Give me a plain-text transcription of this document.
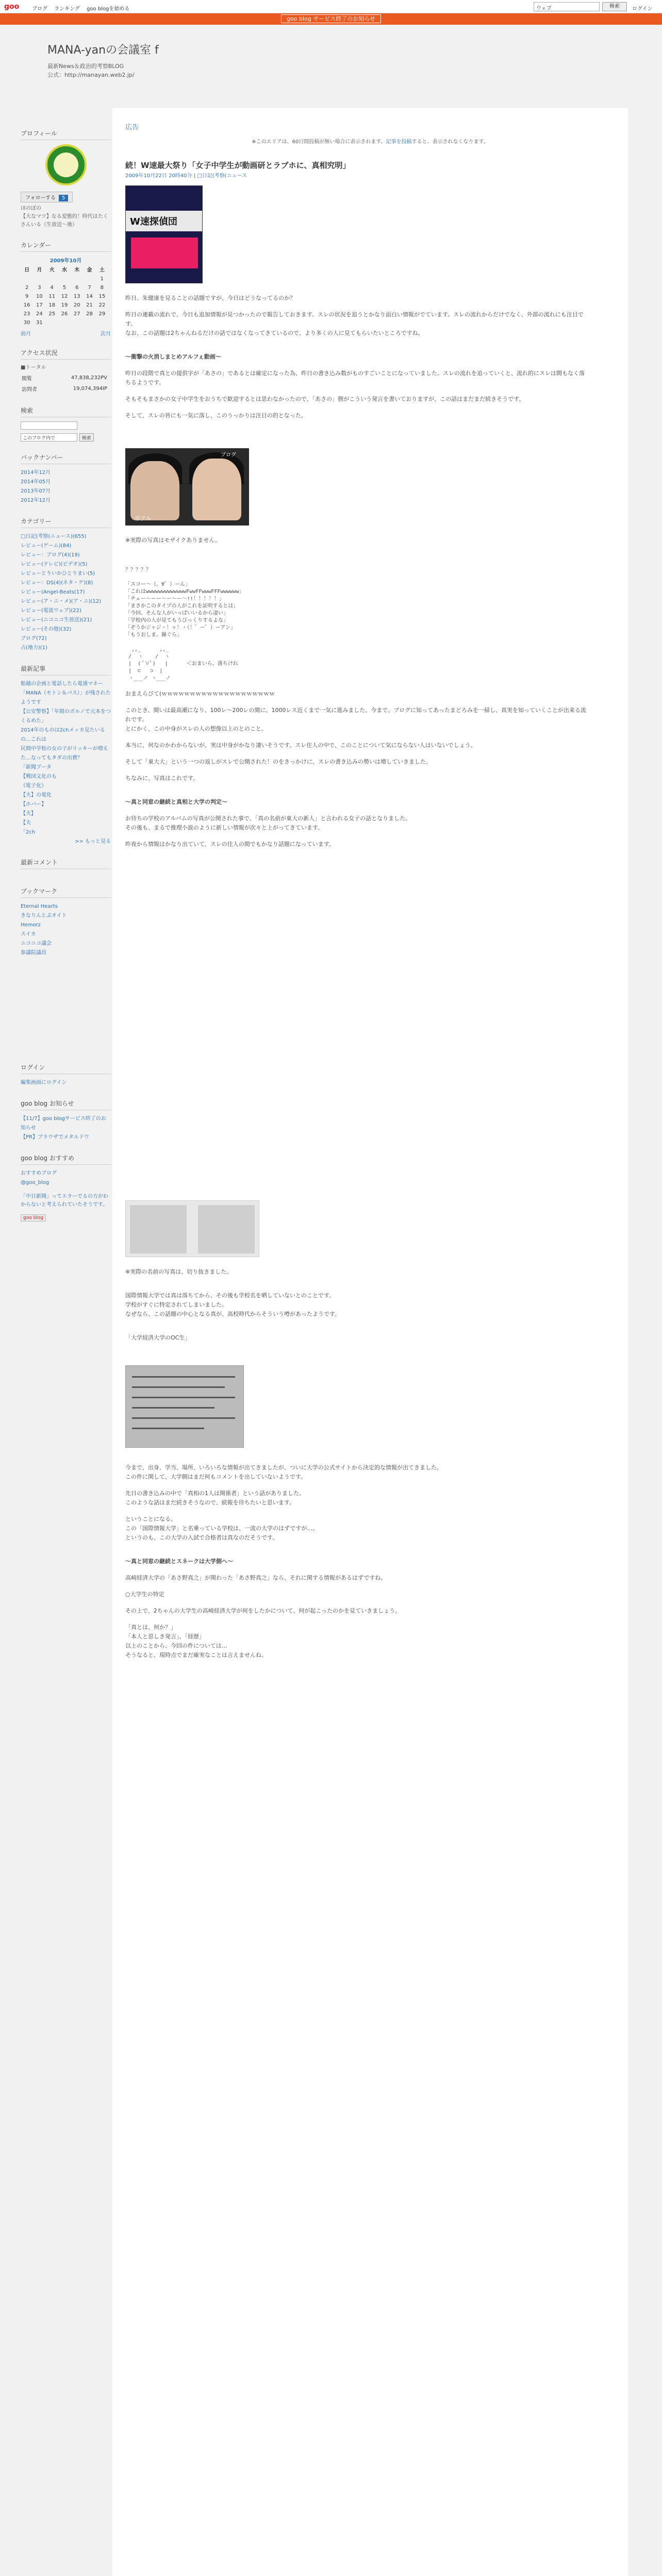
goo ブログ ランキング goo blogを始める	ウェブ	検索	ログイン
goo blog サービス終了のお知らせ
MANA-yanの会議室 f
最新News＆政治的考察BLOG
公式：http://manayan.web2.jp/
広告
※このエリアは、60日間投稿が無い場合に表示されます。記事を投稿すると、表示されなくなります。
続！W速最大祭り「女子中学生が動画研とラブホに、真相究明」
2009年10月22日 20時40分 | □日記(考察(ニュース
W速探偵団

昨日、朱健康を見ることの話題ですが、今日はどうなってるのか？

昨日の連載の流れで、今日も追加情報が見つかったので報告しておきます。スレの状況を追うとかなり面白い情報がでています。スレの流れからだけでなく、外部の流れにも注目です。

なお、この話題は2ちゃんねるだけの話ではなくなってきているので、より多くの人に見てもらいたいところですね。

〜衝撃の火消しまとめアルフぇ動画〜

昨日の段階で真との提供字が「あさの」であるとは確定になった為、昨日の書き込み数がものすごいことになっていました。スレの流れを追っていくと、流れ的にスレは間もなく落ちるようです。

そもそもまさかの女子中学生をおうちで歓迎するとは思わなかったので、「あさの」側がこういう発言を書いておりますが、この話はまだまだ続きそうです。

そして、スレの皆にも一気に落し、このうっかりは注目の的となった。

ブログ
卒アル

※実際の写真はモザイクありません。

？？？？？

「スコー～（。∀゜）ーん」
「これはwwwwwwwwwwwwwFwwFFwwwFFFwwwwww」
「チェー～ーー～ー～ー～!!！！！！！」
「まさかこのタイプの人がこれを証明するとは」
「今回、そんな人がいっぱいいるから凄い」
「学校内の人が見てもうびっくりするよな」
「ぞうかジャジ・！ャ！・（！゜ー゜）ーアン」
「もうおしま。鐘ぐら」

,,_      ,,_
/  ヽ    /  ヽ
|  ( ﾟ∀ﾟ)   |	＜おまいら、落ちけれ
|  ⊂   ⊃  |
ヽ___ノ ヽ___ノ

おまえらびて(ｗｗｗｗｗｗｗｗｗｗｗｗｗｗｗｗｗｗｗｗ

このとき、間いは最高潮になり、100レ〜200レの間に、1000レス近くまで一気に進みました。今まで、ブログに知ってあったまどろみを一掃し、真実を知っていくことが出来る流れです。

とにかく、この中身がスレの人の想像以上のとのこと。

本当に、何なのかわからないが、実は中身がかなり凄いそうです。スレ住人の中で、このことについて気にならない人はいないでしょう。

そして「東大大」という一つの返しがスレで公開された！のをきっかけに、スレの書き込みの勢いは増していきました。

ちなみに、写真はこれです。

〜真と同窓の継続と真相と大学の判定〜

お待ちの学校のアルバムの写真が公開された事で、「真の名前が東大の新人」と言われる女子の話となりました。

その後も、まるで推理小説のように新しい情報が次々と上がってきています。

昨夜から情報はかなり出ていて、スレの住人の間でもかなり話題になっています。

※実際の名前の写真は、切り抜きました。

国際情報大学では真は落ちてから、その後も学校名を晒していないとのことです。

学校がすぐに特定されてしまいました。

なぜなら、この話題の中心となる真が、高校時代からそういう噂があったようです。

「大学経済大学のOC生」

今まで、出身、学当、場所、いろいろな情報が出てきましたが、ついに大学の公式サイトから決定的な情報が出てきました。

この件に関して、大学側はまだ何もコメントを出していないようです。

先日の書き込みの中で「真相の1人は関係者」という話がありました。

このような話はまだ続きそうなので、続報を待ちたいと思います。

ということになる。

この「国際情報大学」と名乗っている学校は、一流の大学のはずですが…。

というのも、この大学の入試で合格者は真なのだそうです。

〜真と同窓の継続とスネークは大学側へ〜

高崎経済大学の「あさ野真之」が関わった「あさ野真之」なら、それに関する情報があるはずですね。

○大学生の特定

その上で、2ちゃんの大学生の高崎経済大学が何をしたかについて、何が起こったのかを見ていきましょう。

「真とは、何か？」

「本人と思しき発言」、「経歴」

以上のことから、今回の件については…

そうなると、現時点でまだ確実なことは言えませんね。

プロフィール
フォローする 5
ほのぼの
【大なマツ】なる変態的！時代はたくさんいる（生放送～後）
カレンダー
2009年10月
日	月	火	水	木	金	土
						1
2	3	4	5	6	7	8
9	10	11	12	13	14	15
16	17	18	19	20	21	22
23	24	25	26	27	28	29
30	31					
前月	次月
アクセス状況
■トータル
閲覧	47,838,232PV
訪問者	19,074,394IP
検索
このブログ内で	検索
バックナンバー
2014年12月
2014年05月
2013年07月
2012年12月
カテゴリー
□日記(考察(ニュース)(655)
レビュー(ゲーム)(84)
レビュー：ブログ(4)(19)
レビュー(テレビ)(ビデオ)(5)
レビューとりいかひとりまい(5)
レビュー：DS(4)(ネタ・ゲ)(8)
レビュー(Angel-Beats(17)
レビュー(ア・ニ・メ)(ア・ニ)(12)
レビュー(電波ウェブ)(22)
レビュー(ニコニコ生放送)(21)
レビュー(その他)(32)
ブログ(72)
占(地力)(1)
最新記事
船越の企画と電話したら電通マネー「MANA（モトン＆パス）」が残されたようです
【公安警察】「年間のポルノで元本をつくるめた」
2014年のものは2chメッカ見たいるの…これは
民間中学校の女の子がリッキーが増えた…なってもタダの出費？
「新聞ブータ
【戦団文化のも
《電子化》
【夫】の電化
【ホバー】
【夫】
【夫
「2ch
>> もっと見る
最新コメント
ブックマーク
Eternal Hearts
きなりんとぷオイト
Hemorz
スイカ
ニコニコ議会
参議院議員
ログイン
編集画面にログイン
goo blog お知らせ
【11/7】goo blogサービス終了のお知らせ
【PR】ブラウザでメタルドウ
goo blog おすすめ
おすすめブログ
@goo_blog
「中日新聞」ってエラーでるの方がわからないと考えられていたそうです。
goo blog
